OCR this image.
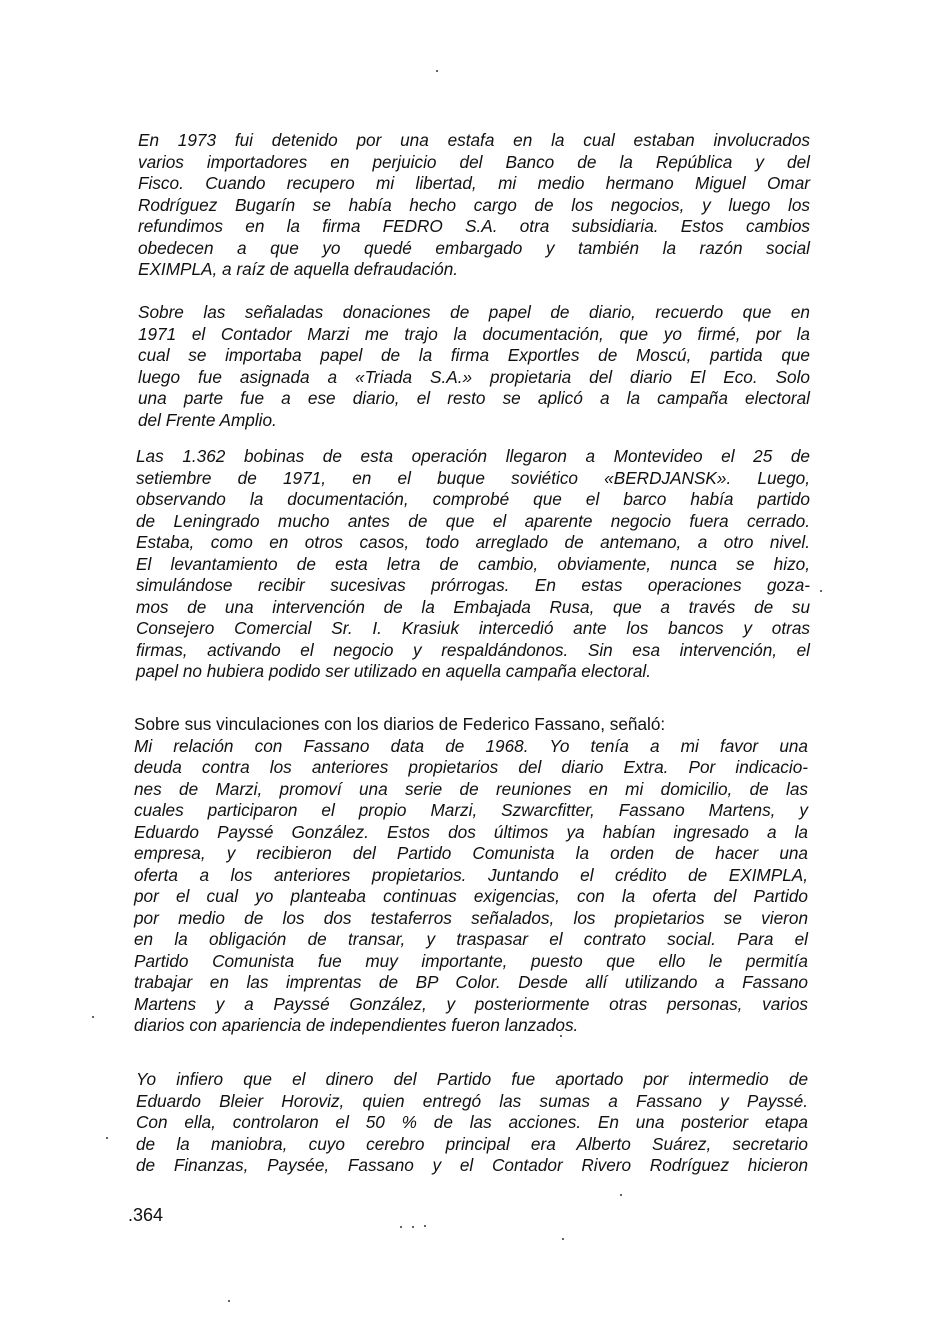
En 1973 fui detenido por una estafa en la cual estaban involucrados
varios importadores en perjuicio del Banco de la República y del
Fisco. Cuando recupero mi libertad, mi medio hermano Miguel Omar
Rodríguez Bugarín se había hecho cargo de los negocios, y luego los
refundimos en la firma FEDRO S.A. otra subsidiaria. Estos cambios
obedecen a que yo quedé embargado y también la razón social
EXIMPLA, a raíz de aquella defraudación.
Sobre las señaladas donaciones de papel de diario, recuerdo que en
1971 el Contador Marzi me trajo la documentación, que yo firmé, por la
cual se importaba papel de la firma Exportles de Moscú, partida que
luego fue asignada a «Triada S.A.» propietaria del diario El Eco. Solo
una parte fue a ese diario, el resto se aplicó a la campaña electoral
del Frente Amplio.
Las 1.362 bobinas de esta operación llegaron a Montevideo el 25 de
setiembre de 1971, en el buque soviético «BERDJANSK». Luego,
observando la documentación, comprobé que el barco había partido
de Leningrado mucho antes de que el aparente negocio fuera cerrado.
Estaba, como en otros casos, todo arreglado de antemano, a otro nivel.
El levantamiento de esta letra de cambio, obviamente, nunca se hizo,
simulándose recibir sucesivas prórrogas. En estas operaciones goza-
mos de una intervención de la Embajada Rusa, que a través de su
Consejero Comercial Sr. I. Krasiuk intercedió ante los bancos y otras
firmas, activando el negocio y respaldándonos. Sin esa intervención, el
papel no hubiera podido ser utilizado en aquella campaña electoral.
Sobre sus vinculaciones con los diarios de Federico Fassano, señaló:
Mi relación con Fassano data de 1968. Yo tenía a mi favor una
deuda contra los anteriores propietarios del diario Extra. Por indicacio-
nes de Marzi, promoví una serie de reuniones en mi domicilio, de las
cuales participaron el propio Marzi, Szwarcfitter, Fassano Martens, y
Eduardo Payssé González. Estos dos últimos ya habían ingresado a la
empresa, y recibieron del Partido Comunista la orden de hacer una
oferta a los anteriores propietarios. Juntando el crédito de EXIMPLA,
por el cual yo planteaba continuas exigencias, con la oferta del Partido
por medio de los dos testaferros señalados, los propietarios se vieron
en la obligación de transar, y traspasar el contrato social. Para el
Partido Comunista fue muy importante, puesto que ello le permitía
trabajar en las imprentas de BP Color. Desde allí utilizando a Fassano
Martens y a Payssé González, y posteriormente otras personas, varios
diarios con apariencia de independientes fueron lanzados.
Yo infiero que el dinero del Partido fue aportado por intermedio de
Eduardo Bleier Horoviz, quien entregó las sumas a Fassano y Payssé.
Con ella, controlaron el 50 % de las acciones. En una posterior etapa
de la maniobra, cuyo cerebro principal era Alberto Suárez, secretario
de Finanzas, Paysée, Fassano y el Contador Rivero Rodríguez hicieron
.364
